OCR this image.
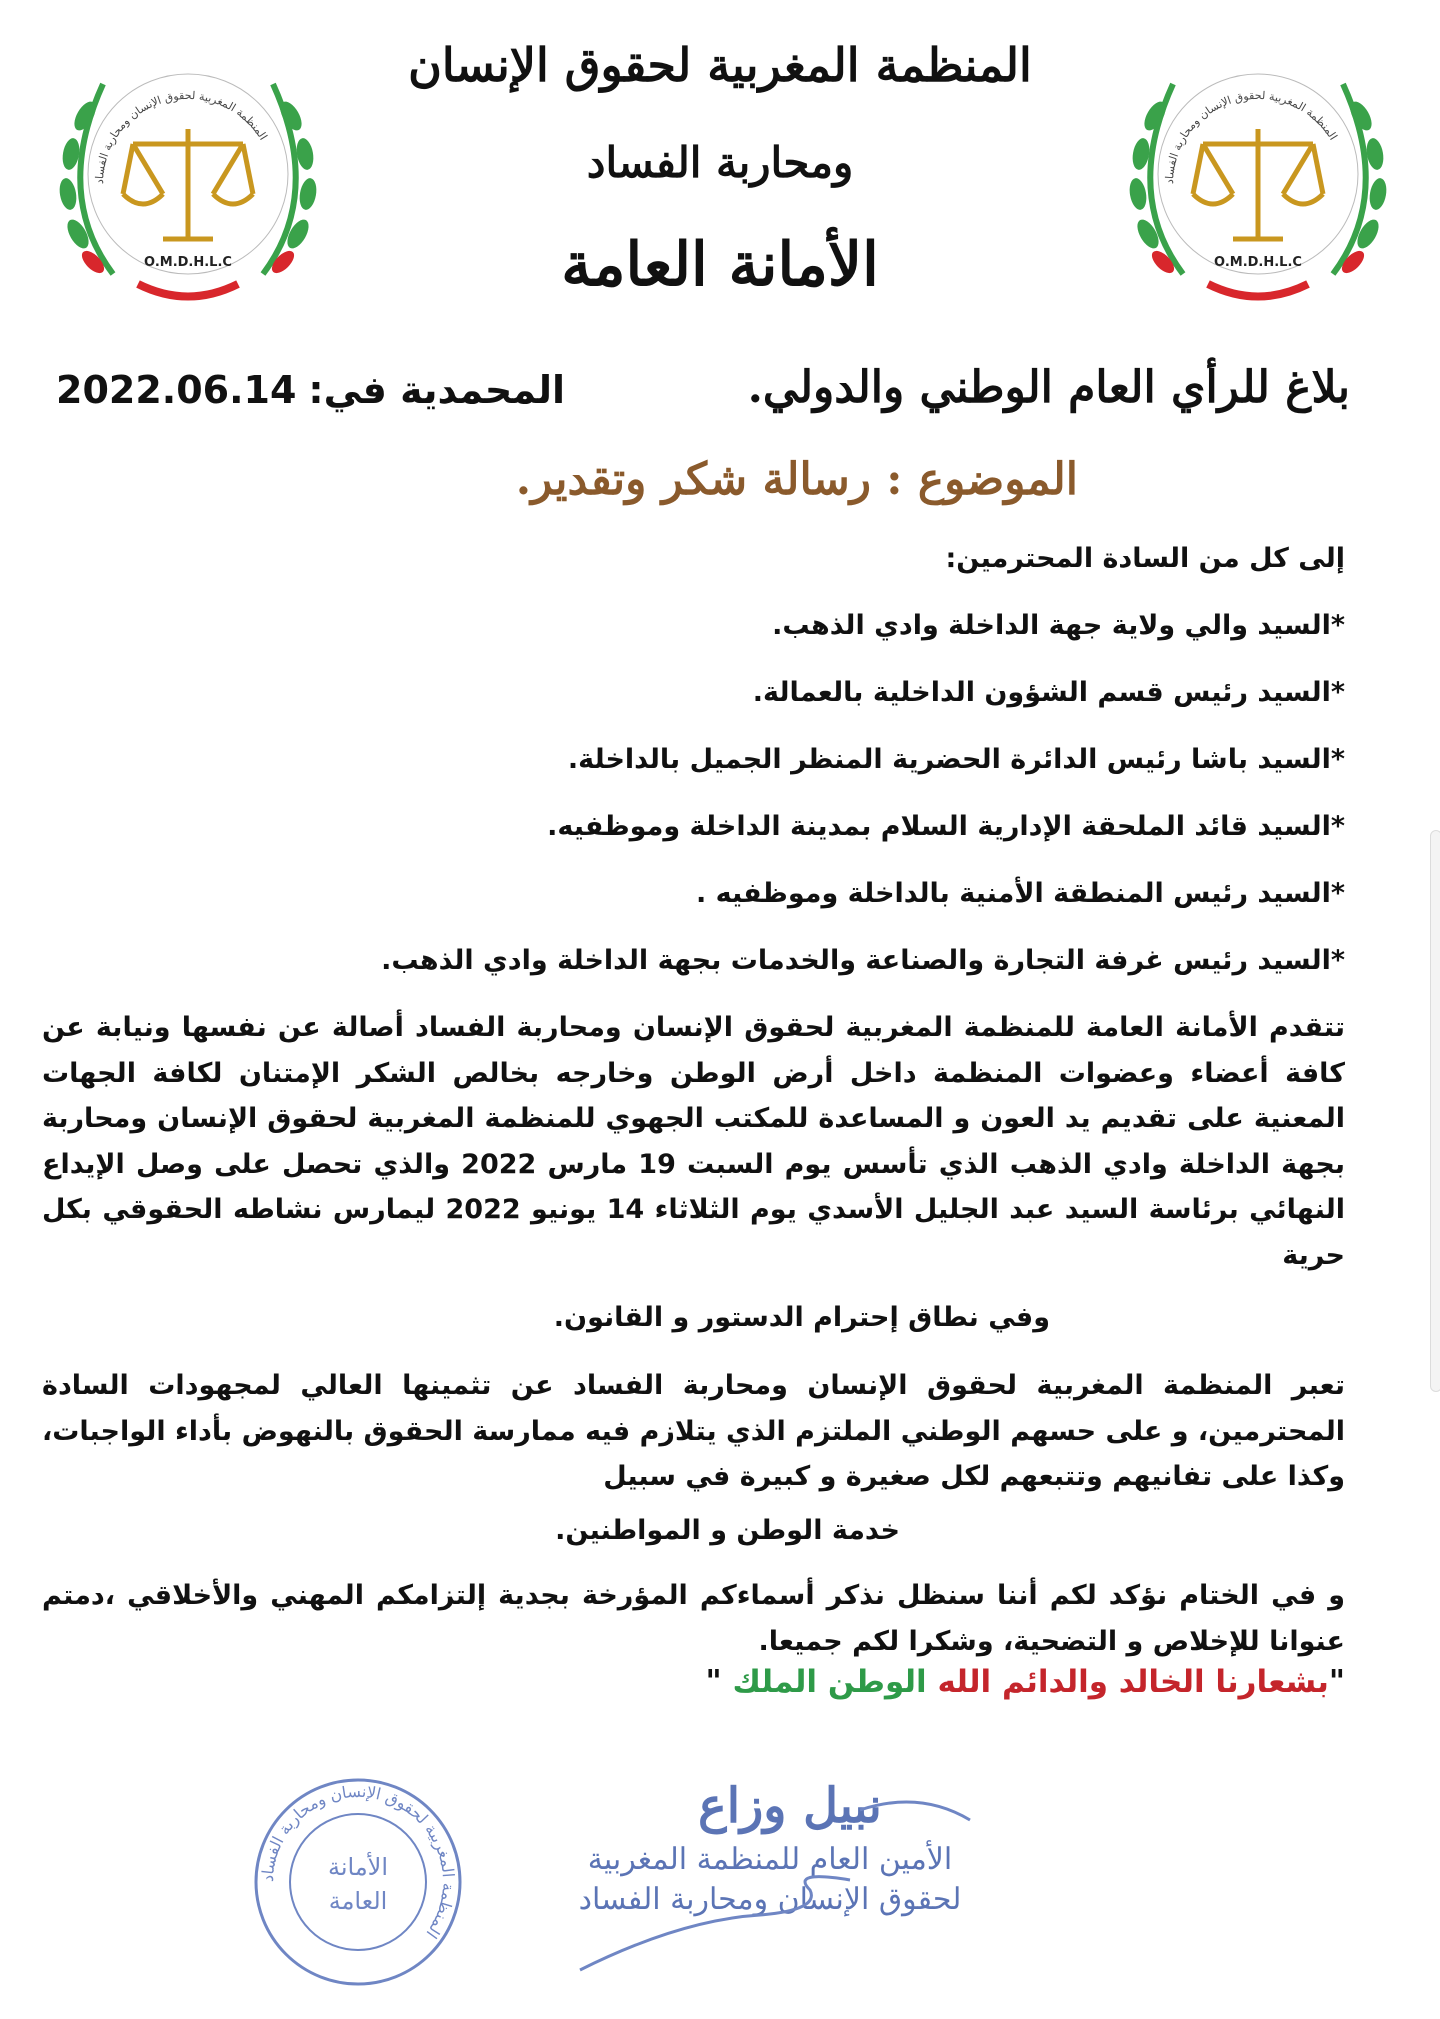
المنظمة المغربية لحقوق الإنسان ومحاربة الفساد
O.M.D.H.L.C
المنظمة المغربية لحقوق الإنسان ومحاربة الفساد
O.M.D.H.L.C
المنظمة المغربية لحقوق الإنسان
ومحاربة الفساد
الأمانة العامة
بلاغ للرأي العام الوطني والدولي.
المحمدية في:2022.06.14
الموضوع : رسالة شكر وتقدير.
إلى كل من السادة المحترمين:
*السيد والي ولاية جهة الداخلة وادي الذهب.
*السيد رئيس قسم الشؤون الداخلية بالعمالة.
*السيد باشا رئيس الدائرة الحضرية المنظر الجميل بالداخلة.
*السيد قائد الملحقة الإدارية السلام بمدينة الداخلة وموظفيه.
*السيد رئيس المنطقة الأمنية بالداخلة وموظفيه .
*السيد رئيس غرفة التجارة والصناعة والخدمات بجهة الداخلة وادي الذهب.
تتقدم الأمانة العامة للمنظمة المغربية لحقوق الإنسان ومحاربة الفساد أصالة عن نفسها ونيابة عن كافة أعضاء وعضوات المنظمة داخل أرض الوطن وخارجه بخالص الشكر الإمتنان لكافة الجهات المعنية على تقديم يد العون و المساعدة للمكتب الجهوي للمنظمة المغربية لحقوق الإنسان ومحاربة بجهة الداخلة وادي الذهب الذي تأسس يوم السبت 19 مارس 2022 والذي تحصل على وصل الإيداع النهائي برئاسة السيد عبد الجليل الأسدي يوم الثلاثاء 14 يونيو 2022 ليمارس نشاطه الحقوقي بكل حرية
وفي نطاق إحترام الدستور و القانون.
تعبر المنظمة المغربية لحقوق الإنسان ومحاربة الفساد عن تثمينها العالي لمجهودات السادة المحترمين، و على حسهم الوطني الملتزم الذي يتلازم فيه ممارسة الحقوق بالنهوض بأداء الواجبات، وكذا على تفانيهم وتتبعهم لكل صغيرة و كبيرة في سبيل
خدمة الوطن و المواطنين.
و في الختام نؤكد لكم أننا سنظل نذكر أسماءكم المؤرخة بجدية إلتزامكم المهني والأخلاقي ،دمتم عنوانا للإخلاص و التضحية، وشكرا لكم جميعا.
"بشعارنا الخالد والدائم الله الوطن الملك "
المنظمة المغربية لحقوق الإنسان ومحاربة الفساد
الأمانة
العامة
نبيل وزاع
الأمين العام للمنظمة المغربية
لحقوق الإنسان ومحاربة الفساد
